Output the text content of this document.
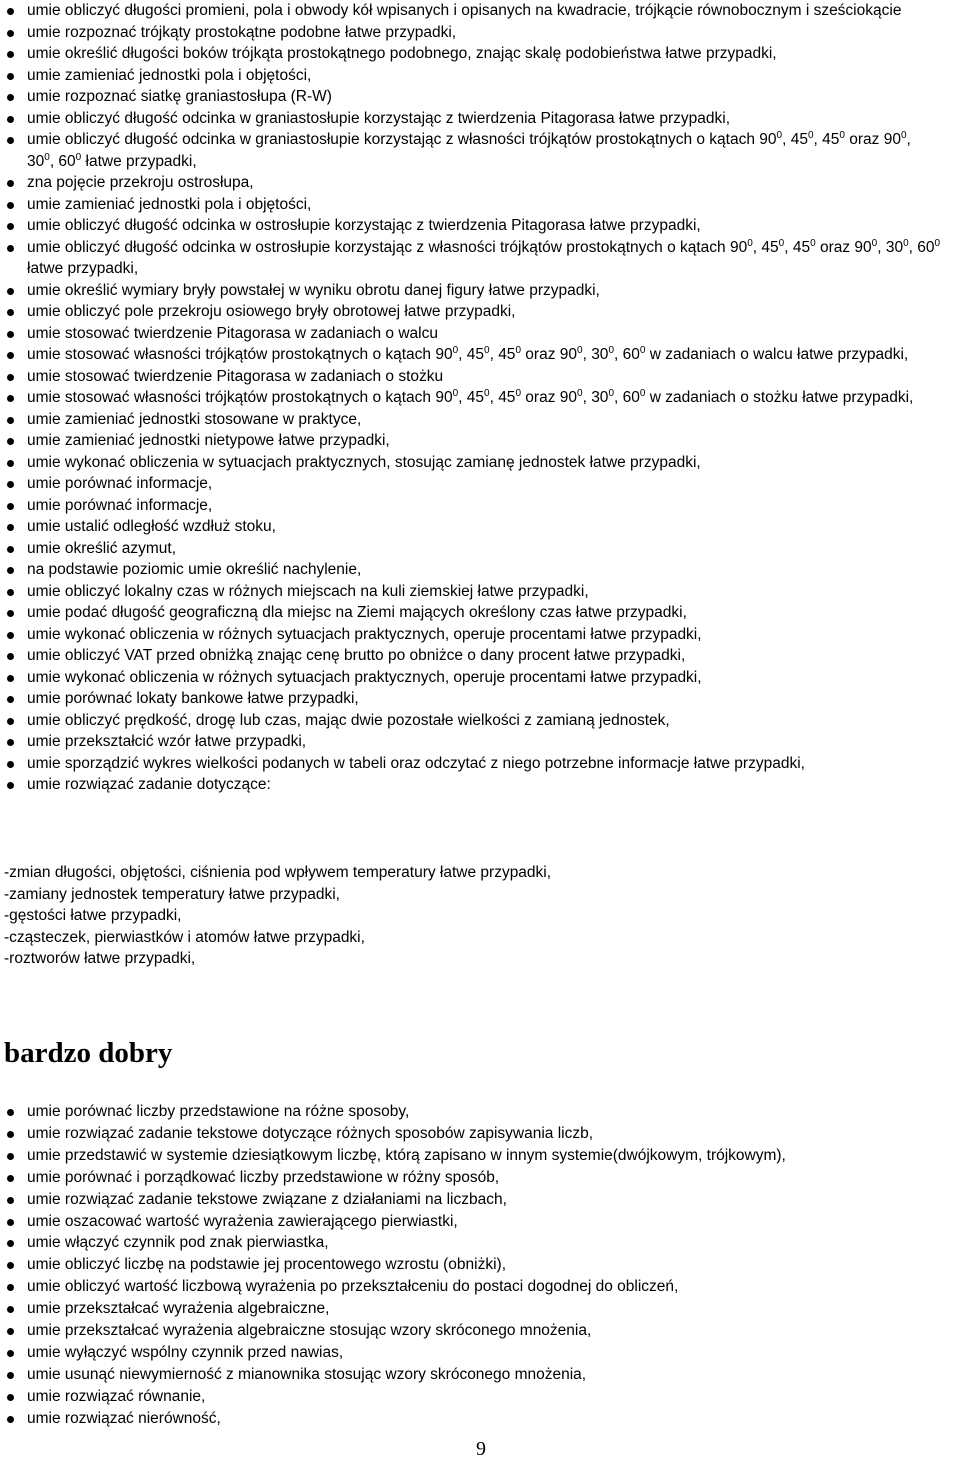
umie obliczyć długości promieni, pola i obwody kół wpisanych i opisanych na kwadracie, trójkącie równobocznym i sześciokącie
umie rozpoznać trójkąty prostokątne podobne łatwe przypadki,
umie określić długości boków trójkąta prostokątnego podobnego, znając skalę podobieństwa łatwe przypadki,
umie zamieniać jednostki pola i objętości,
umie rozpoznać siatkę graniastosłupa (R-W)
umie obliczyć długość odcinka w graniastosłupie korzystając z twierdzenia Pitagorasa łatwe przypadki,
umie obliczyć długość odcinka w graniastosłupie korzystając z własności trójkątów prostokątnych o kątach $90^0$, $45^0$, $45^0$ oraz $90^0$, $30^0$, $60^0$ łatwe przypadki,
zna pojęcie przekroju ostrosłupa,
umie zamieniać jednostki pola i objętości,
umie obliczyć długość odcinka w ostrosłupie korzystając z twierdzenia Pitagorasa łatwe przypadki,
umie obliczyć długość odcinka w ostrosłupie korzystając z własności trójkątów prostokątnych o kątach $90^0$, $45^0$, $45^0$ oraz $90^0$, $30^0$, $60^0$ łatwe przypadki,
umie określić wymiary bryły powstałej w wyniku obrotu danej figury łatwe przypadki,
umie obliczyć pole przekroju osiowego bryły obrotowej łatwe przypadki,
umie stosować twierdzenie Pitagorasa w zadaniach o walcu
umie stosować własności trójkątów prostokątnych o kątach $90^0$, $45^0$, $45^0$ oraz $90^0$, $30^0$, $60^0$ w zadaniach o walcu łatwe przypadki,
umie stosować twierdzenie Pitagorasa w zadaniach o stożku
umie stosować własności trójkątów prostokątnych o kątach $90^0$, $45^0$, $45^0$ oraz $90^0$, $30^0$, $60^0$ w zadaniach o stożku łatwe przypadki,
umie zamieniać jednostki stosowane w praktyce,
umie zamieniać jednostki nietypowe łatwe przypadki,
umie wykonać obliczenia w sytuacjach praktycznych, stosując zamianę jednostek łatwe przypadki,
umie porównać informacje,
umie porównać informacje,
umie ustalić odległość wzdłuż stoku,
umie określić azymut,
na podstawie poziomic umie określić nachylenie,
umie obliczyć lokalny czas w różnych miejscach na kuli ziemskiej łatwe przypadki,
umie podać długość geograficzną dla miejsc na Ziemi mających określony czas łatwe przypadki,
umie wykonać obliczenia w różnych sytuacjach praktycznych, operuje procentami łatwe przypadki,
umie obliczyć VAT przed obniżką znając cenę brutto po obniżce o dany procent łatwe przypadki,
umie wykonać obliczenia w różnych sytuacjach praktycznych, operuje procentami łatwe przypadki,
umie porównać lokaty bankowe łatwe przypadki,
umie obliczyć prędkość, drogę lub czas, mając dwie pozostałe wielkości z zamianą jednostek,
umie przekształcić wzór łatwe przypadki,
umie sporządzić wykres wielkości podanych w tabeli oraz odczytać z niego potrzebne informacje łatwe przypadki,
umie rozwiązać zadanie dotyczące:

-zmian długości, objętości, ciśnienia pod wpływem temperatury łatwe przypadki,

-zamiany jednostek temperatury łatwe przypadki,

-gęstości łatwe przypadki,

-cząsteczek, pierwiastków i atomów łatwe przypadki,

-roztworów łatwe przypadki,

bardzo dobry
umie porównać liczby przedstawione na różne sposoby,
umie rozwiązać zadanie tekstowe dotyczące różnych sposobów zapisywania liczb,
umie przedstawić w systemie dziesiątkowym liczbę, którą zapisano w innym systemie(dwójkowym, trójkowym),
umie porównać i porządkować liczby przedstawione w różny sposób,
umie rozwiązać zadanie tekstowe związane z działaniami na liczbach,
umie oszacować wartość wyrażenia zawierającego pierwiastki,
umie włączyć czynnik pod znak pierwiastka,
umie obliczyć liczbę na podstawie jej procentowego wzrostu (obniżki),
umie obliczyć wartość liczbową wyrażenia po przekształceniu do postaci dogodnej do obliczeń,
umie przekształcać wyrażenia algebraiczne,
umie przekształcać wyrażenia algebraiczne stosując wzory skróconego mnożenia,
umie wyłączyć wspólny czynnik przed nawias,
umie usunąć niewymierność z mianownika stosując wzory skróconego mnożenia,
umie rozwiązać równanie,
umie rozwiązać nierówność,
9
